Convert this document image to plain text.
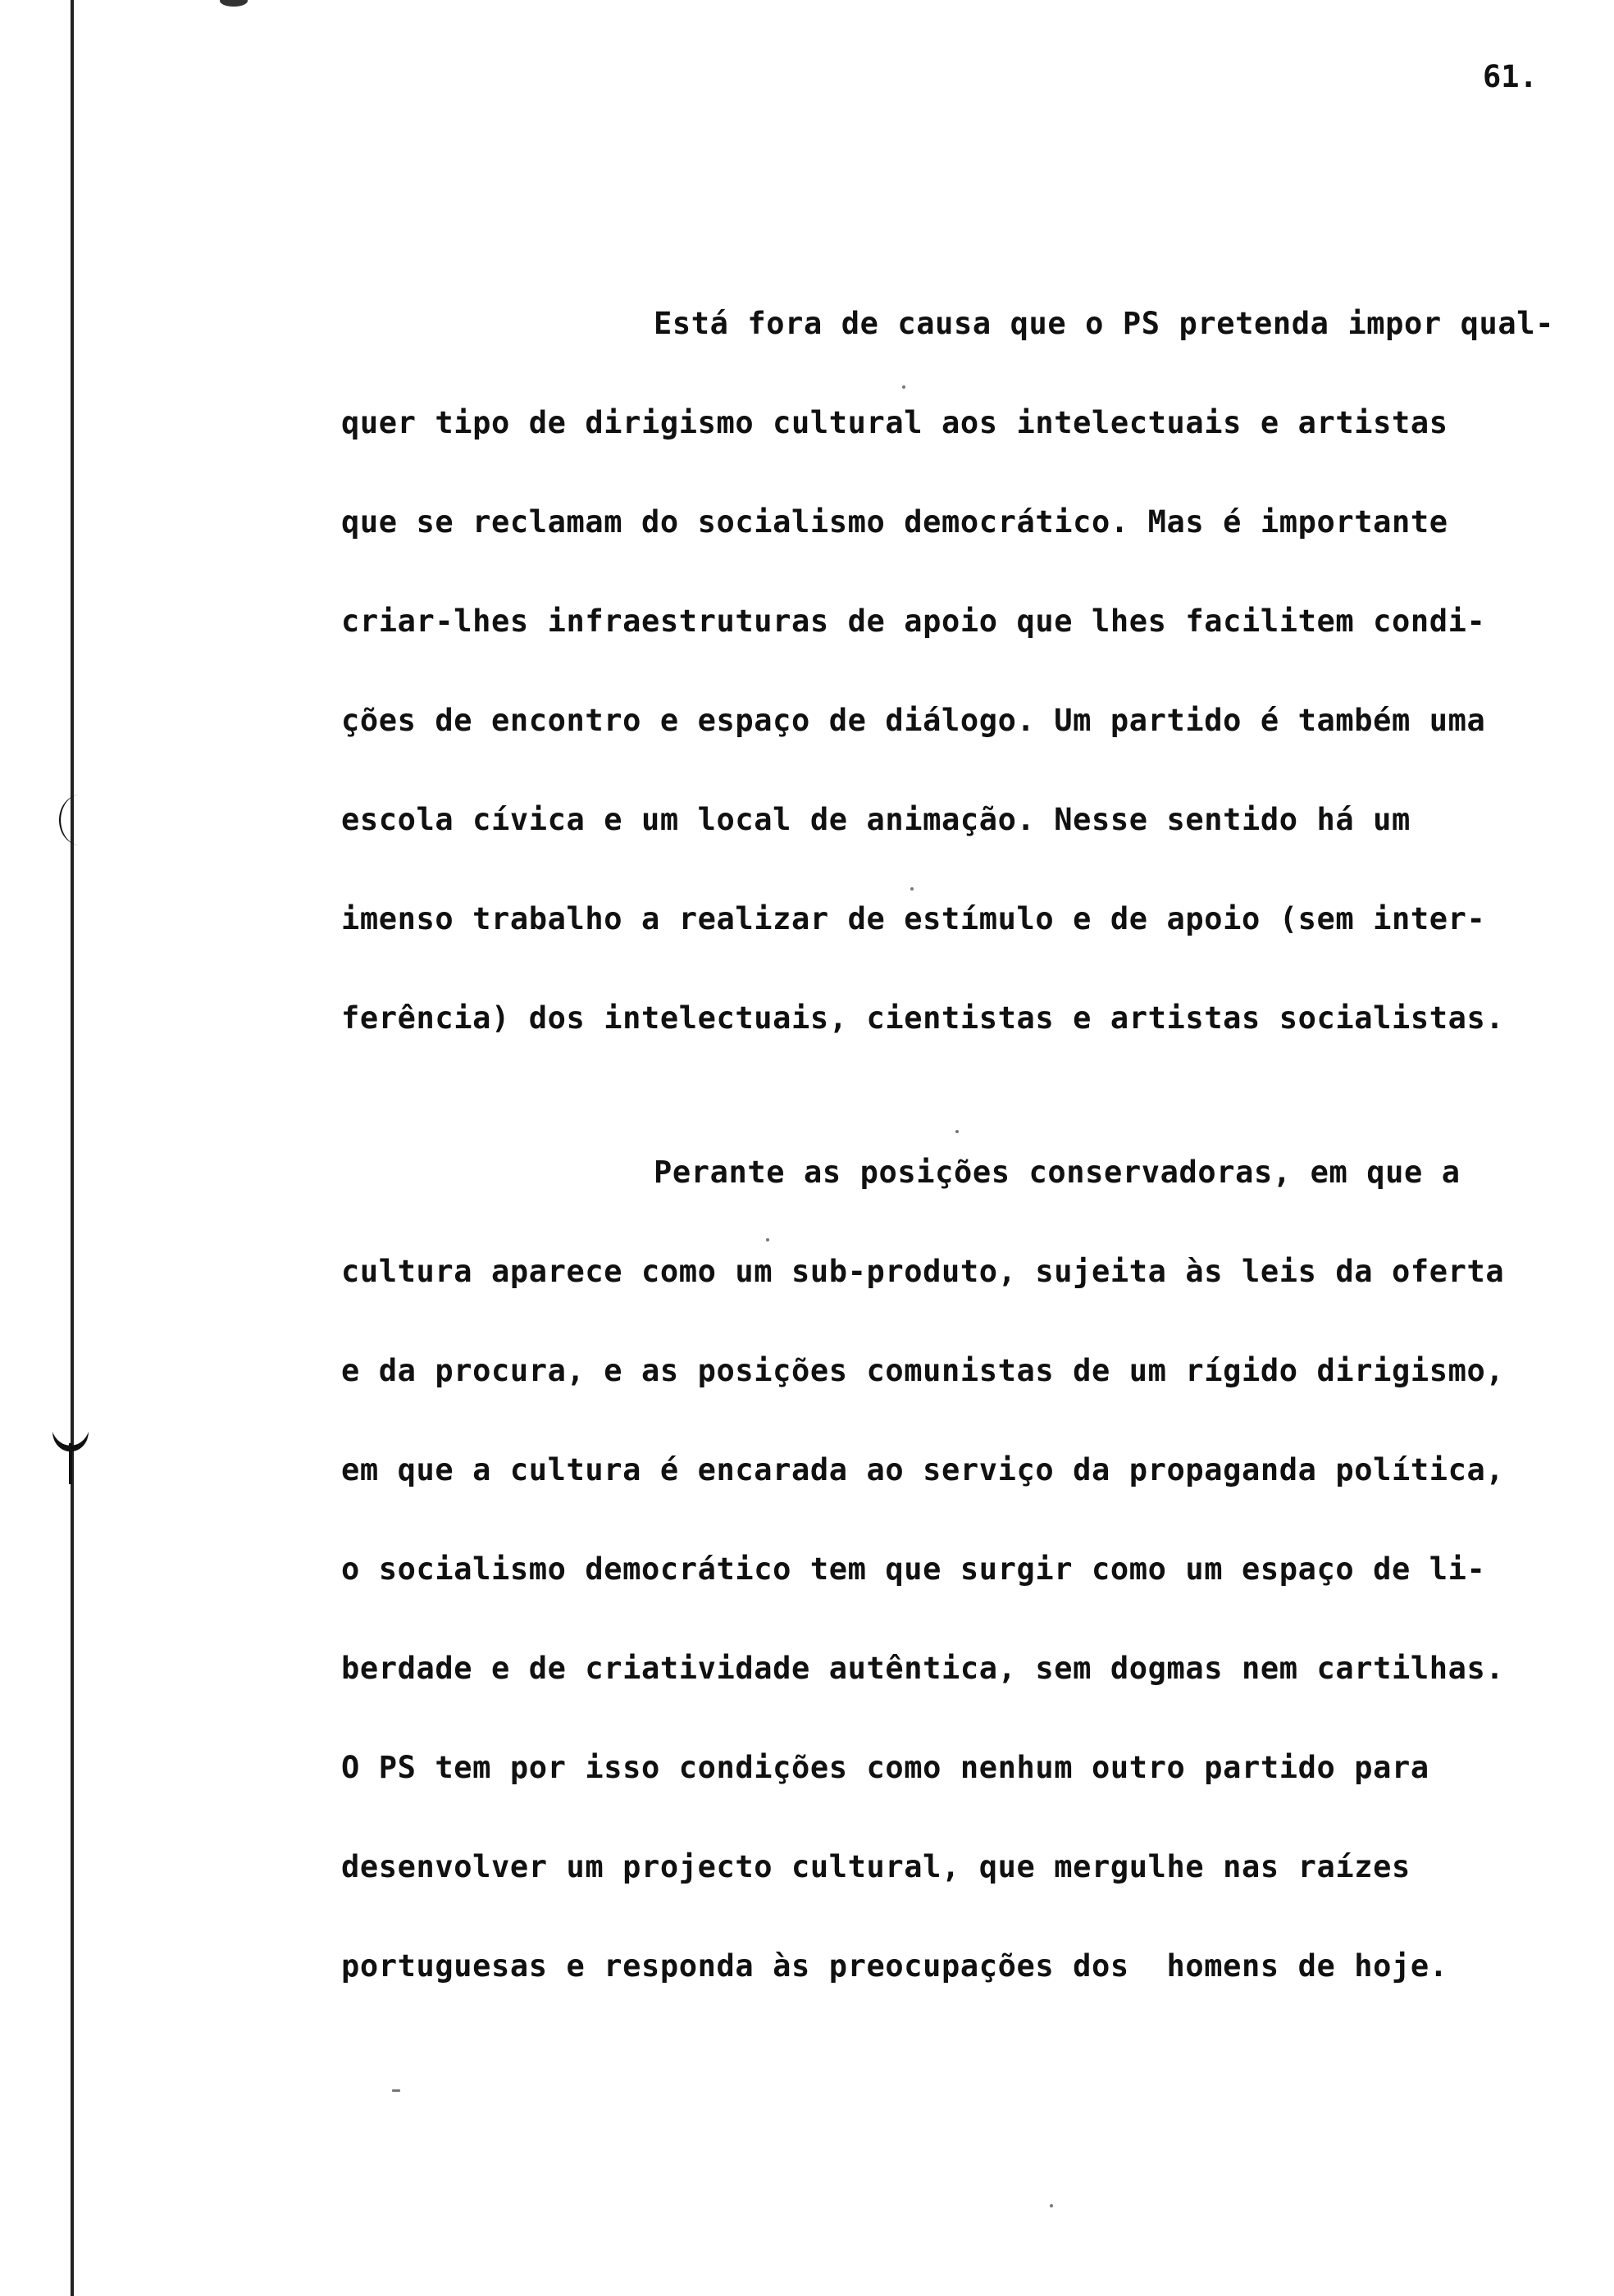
61.
Está fora de causa que o PS pretenda impor qual-
quer tipo de dirigismo cultural aos intelectuais e artistas
que se reclamam do socialismo democrático. Mas é importante
criar-lhes infraestruturas de apoio que lhes facilitem condi-
ções de encontro e espaço de diálogo. Um partido é também uma
escola cívica e um local de animação. Nesse sentido há um
imenso trabalho a realizar de estímulo e de apoio (sem inter-
ferência) dos intelectuais, cientistas e artistas socialistas.
Perante as posições conservadoras, em que a
cultura aparece como um sub-produto, sujeita às leis da oferta
e da procura, e as posições comunistas de um rígido dirigismo,
em que a cultura é encarada ao serviço da propaganda política,
o socialismo democrático tem que surgir como um espaço de li-
berdade e de criatividade autêntica, sem dogmas nem cartilhas.
O PS tem por isso condições como nenhum outro partido para
desenvolver um projecto cultural, que mergulhe nas raízes
portuguesas e responda às preocupações dos  homens de hoje.
